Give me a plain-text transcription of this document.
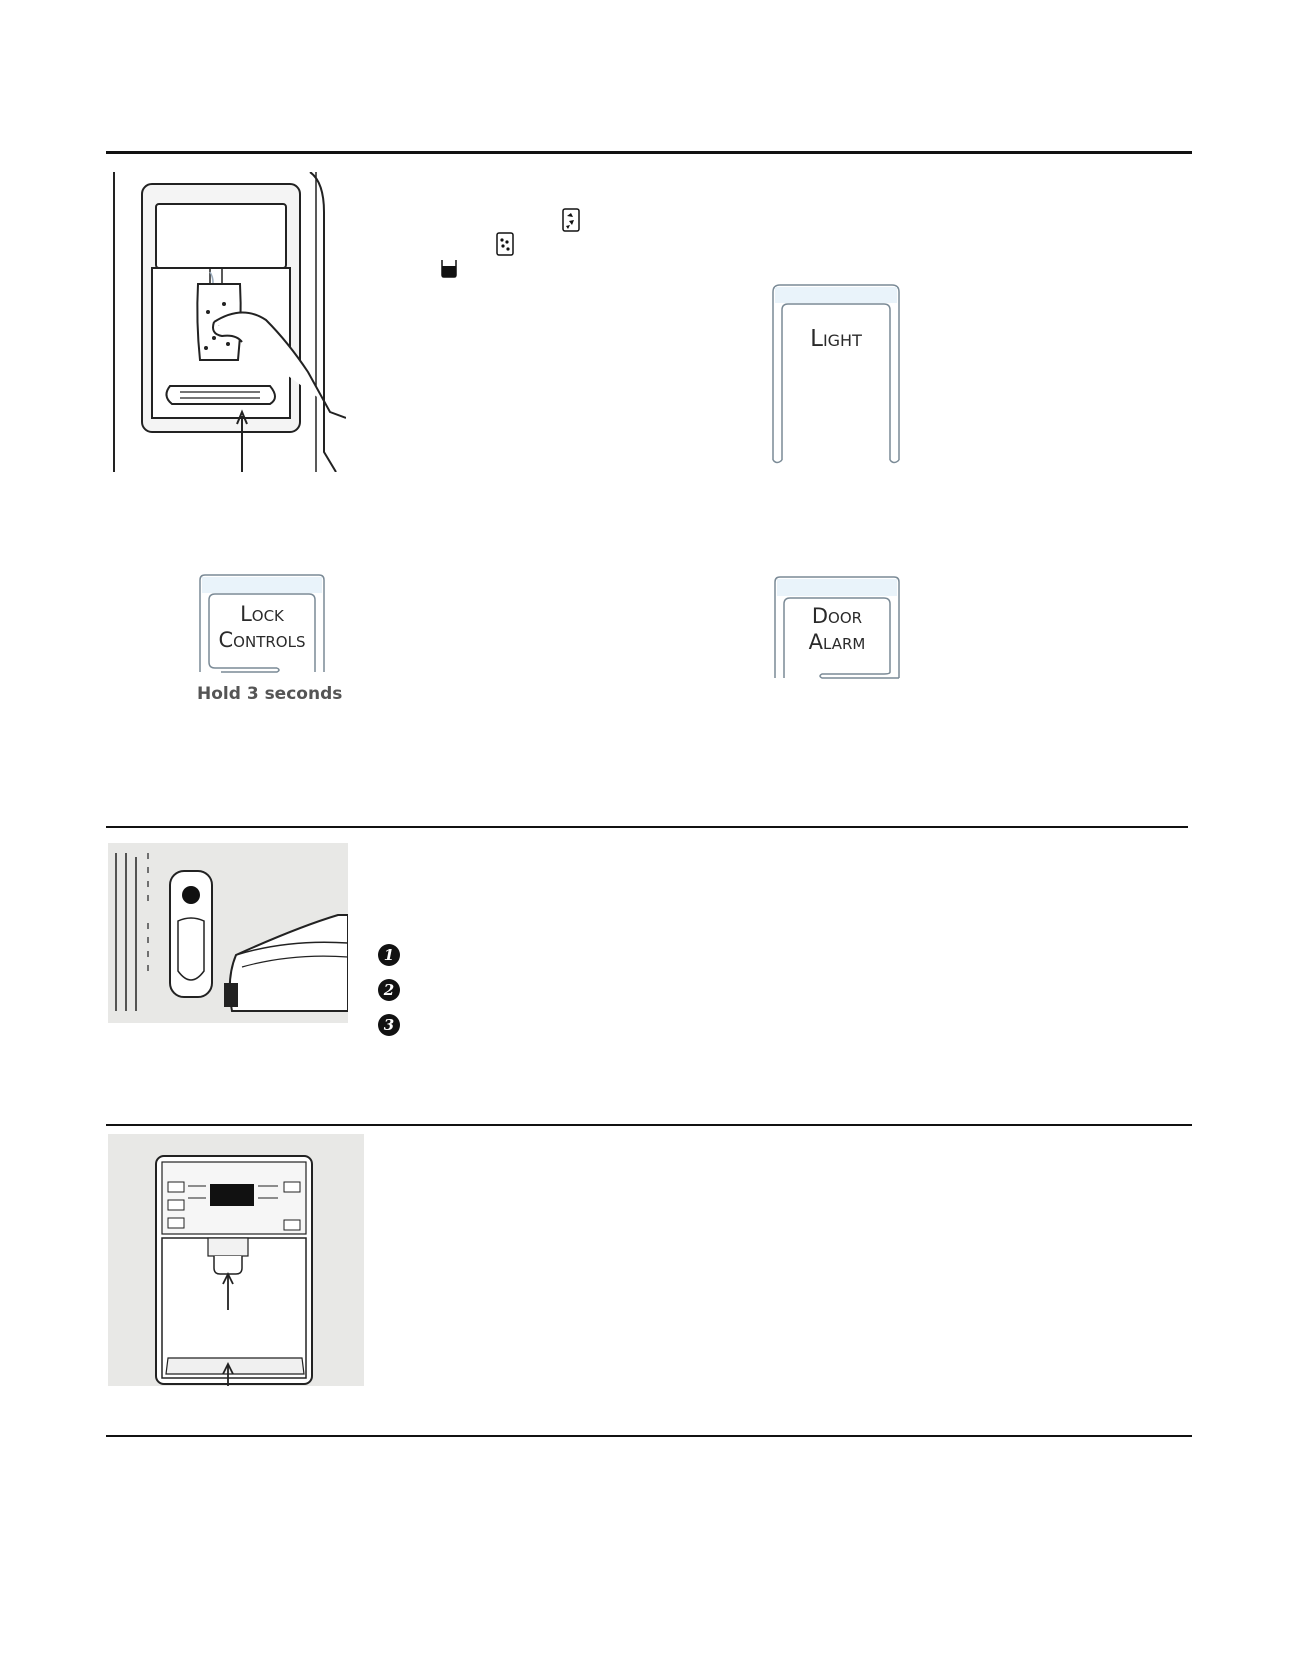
Light
Lock
Controls
Hold 3 seconds
Door
Alarm
1
2
3
